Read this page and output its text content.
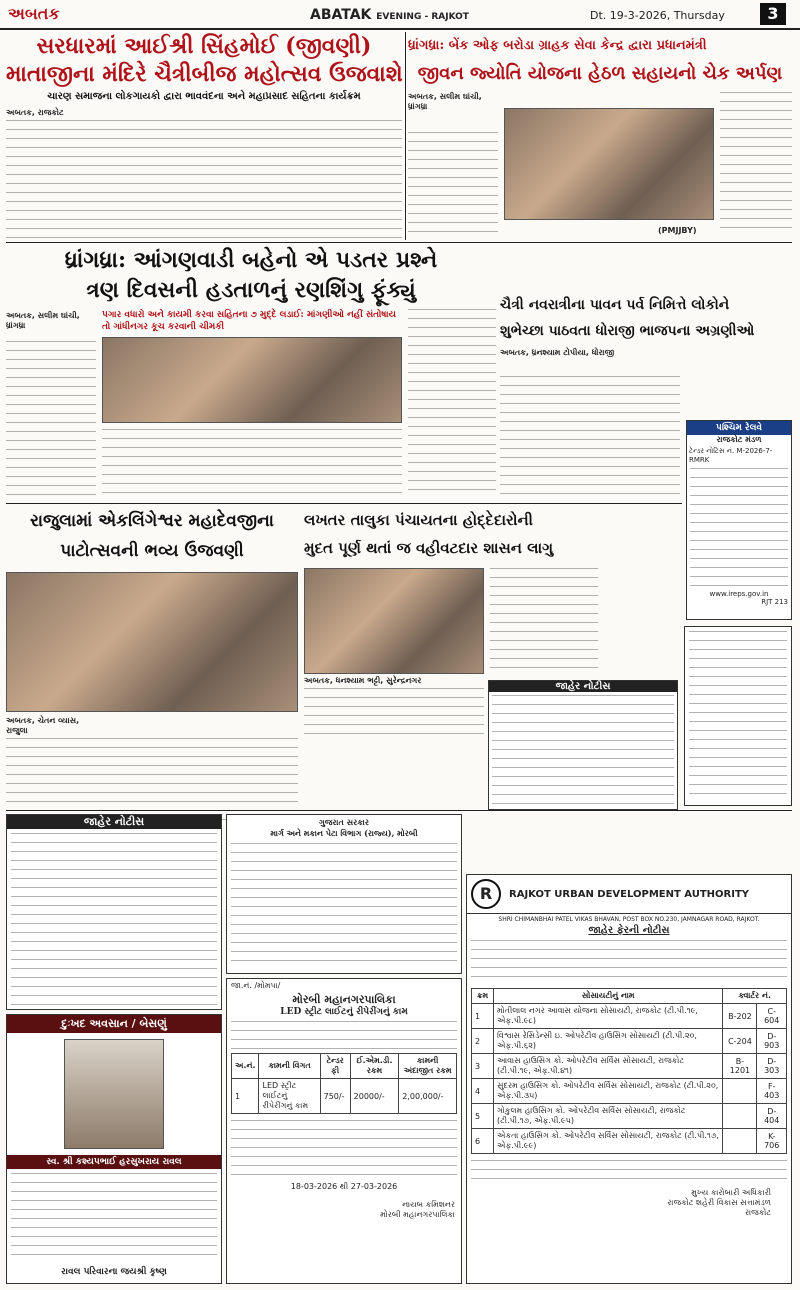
અબતક	ABATAK EVENING - RAJKOT	Dt. 19-3-2026, Thursday	3
સરધારમાં આઈશ્રી સિંહમોઈ (જીવણી)
માતાજીના મંદિરે ચૈત્રીબીજ મહોત્સવ ઉજવાશે
ચારણ સમાજના લોકગાયકો દ્વારા ભાવવંદના અને મહાપ્રસાદ સહિતના કાર્યક્રમ
અબતક, રાજકોટ
ધ્રાંગધ્રા: બેંક ઓફ બરોડા ગ્રાહક સેવા કેન્દ્ર દ્વારા પ્રધાનમંત્રી
જીવન જ્યોતિ યોજના હેઠળ સહાયનો ચેક અર્પણ
અબતક, સલીમ ઘાંચી, ધ્રાંગધ્રા
(PMJJBY)
ધ્રાંગધ્રા: આંગણવાડી બહેનો એ પડતર પ્રશ્ને
ત્રણ દિવસની હડતાળનું રણશિંગુ ફૂંક્યું
અબતક, સલીમ ઘાંચી, ધ્રાંગધ્રા
પગાર વધારો અને કાયમી કરવા સહિતના ૭ મુદ્દે લડાઈ: માંગણીઓ નહીં સંતોષાય તો ગાંધીનગર કૂચ કરવાની ચીમકી
ચૈત્રી નવરાત્રીના પાવન પર્વ નિમિત્તે લોકોને
શુભેચ્છા પાઠવતા ધોરાજી ભાજપના અગ્રણીઓ
અબતક, ધ્રનશ્યામ ટોપીયા, ધોરાજી
પશ્ચિમ રેલવે
રાજકોટ મંડળ
ટેન્ડર નોટિસ નં. M-2026-7-RMRK
www.ireps.gov.in
RJT 213
રાજુલામાં એકલિંગેશ્વર મહાદેવજીના
પાટોત્સવની ભવ્ય ઉજવણી
અબતક, ચેતન વ્યાસ, રાજુલા
લખતર તાલુકા પંચાયતના હોદ્દેદારોની
મુદત પૂર્ણ થતાં જ વહીવટદાર શાસન લાગુ
અબતક, ધનશ્યામ ભટ્ટી, સુરેન્દ્રનગર
જાહેર નોટીસ
જાહેર નોટીસ
દુઃખદ અવસાન / બેસણું
સ્વ. શ્રી કશ્યપભાઈ હરસુખરાય રાવલ
રાવલ પરિવારના જયશ્રી કૃષ્ણ
ગુજરાત સરકાર
માર્ગ અને મકાન પેટા વિભાગ (રાજ્ય), મોરબી
જા.નં. /મોમપા/
મોરબી મહાનગરપાલિકા
LED સ્ટ્રીટ લાઈટનું રીપેરીંગનું કામ
અ.નં.	કામની વિગત	ટેન્ડર ફી	ઈ.એમ.ડી. રકમ	કામની અંદાજીત રકમ
1	LED સ્ટ્રીટ લાઈટનું રીપેરીંગનું કામ	750/-	20000/-	2,00,000/-
18-03-2026 થી 27-03-2026
નાયબ કમિશનર
મોરબી મહાનગરપાલિકા
R	RAJKOT URBAN DEVELOPMENT AUTHORITY
SHRI CHIMANBHAI PATEL VIKAS BHAVAN, POST BOX NO.230, JAMNAGAR ROAD, RAJKOT.
જાહેર ફેરની નોટીસ
ક્રમ	સોસાયટીનું નામ	ક્વાર્ટર નં.	
1	મોતીલાલ નગર આવાસ યોજના સોસાયટી, રાજકોટ (ટી.પી.૧૯, એફ.પી.૯૮)	B-202	C-604
2	વિશ્વાસ રેસિડેન્સી ઇ. ઓપરેટીવ હાઉસિંગ સોસાયટી (ટી.પી.૨૦, એફ.પી.૬૨)	C-204	D-903
3	આવાસ હાઉસિંગ કો. ઓપરેટીવ સર્વિસ સોસાયટી, રાજકોટ (ટી.પી.૧૯, એફ.પી.૪૧)	B-1201	D-303
4	સુંદરમ હાઉસિંગ કો. ઓપરેટીવ સર્વિસ સોસાયટી, રાજકોટ (ટી.પી.૨૦, એફ.પી.૩૫)		F-403
5	ગોકુલમ હાઉસિંગ કો. ઓપરેટીવ સર્વિસ સોસાયટી, રાજકોટ (ટી.પી.૧૭, એફ.પી.૯૫)		D-404
6	એકતા હાઉસિંગ કો. ઓપરેટીવ સર્વિસ સોસાયટી, રાજકોટ (ટી.પી.૧૭, એફ.પી.૯૯)		K-706
મુખ્ય કારોબારી અધિકારી
રાજકોટ શહેરી વિકાસ સત્તામંડળ
રાજકોટ
